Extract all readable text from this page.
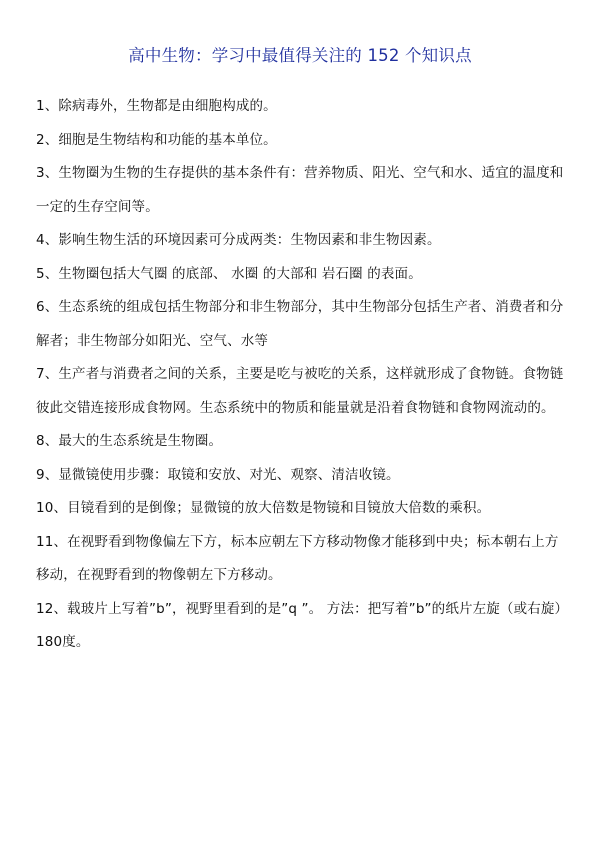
高中生物：学习中最值得关注的 152 个知识点
1、除病毒外，生物都是由细胞构成的。
2、细胞是生物结构和功能的基本单位。
3、生物圈为生物的生存提供的基本条件有：营养物质、阳光、空气和水、适宜的温度和一定的生存空间等。
4、影响生物生活的环境因素可分成两类：生物因素和非生物因素。
5、生物圈包括大气圈 的底部、 水圈 的大部和 岩石圈 的表面。
6、生态系统的组成包括生物部分和非生物部分，其中生物部分包括生产者、消费者和分解者；非生物部分如阳光、空气、水等
7、生产者与消费者之间的关系，主要是吃与被吃的关系，这样就形成了食物链。食物链彼此交错连接形成食物网。生态系统中的物质和能量就是沿着食物链和食物网流动的。
8、最大的生态系统是生物圈。
9、显微镜使用步骤：取镜和安放、对光、观察、清洁收镜。
10、目镜看到的是倒像；显微镜的放大倍数是物镜和目镜放大倍数的乘积。
11、在视野看到物像偏左下方，标本应朝左下方移动物像才能移到中央；标本朝右上方移动，在视野看到的物像朝左下方移动。
12、载玻片上写着”b”，视野里看到的是”q ”。 方法：把写着”b”的纸片左旋（或右旋）180度。
